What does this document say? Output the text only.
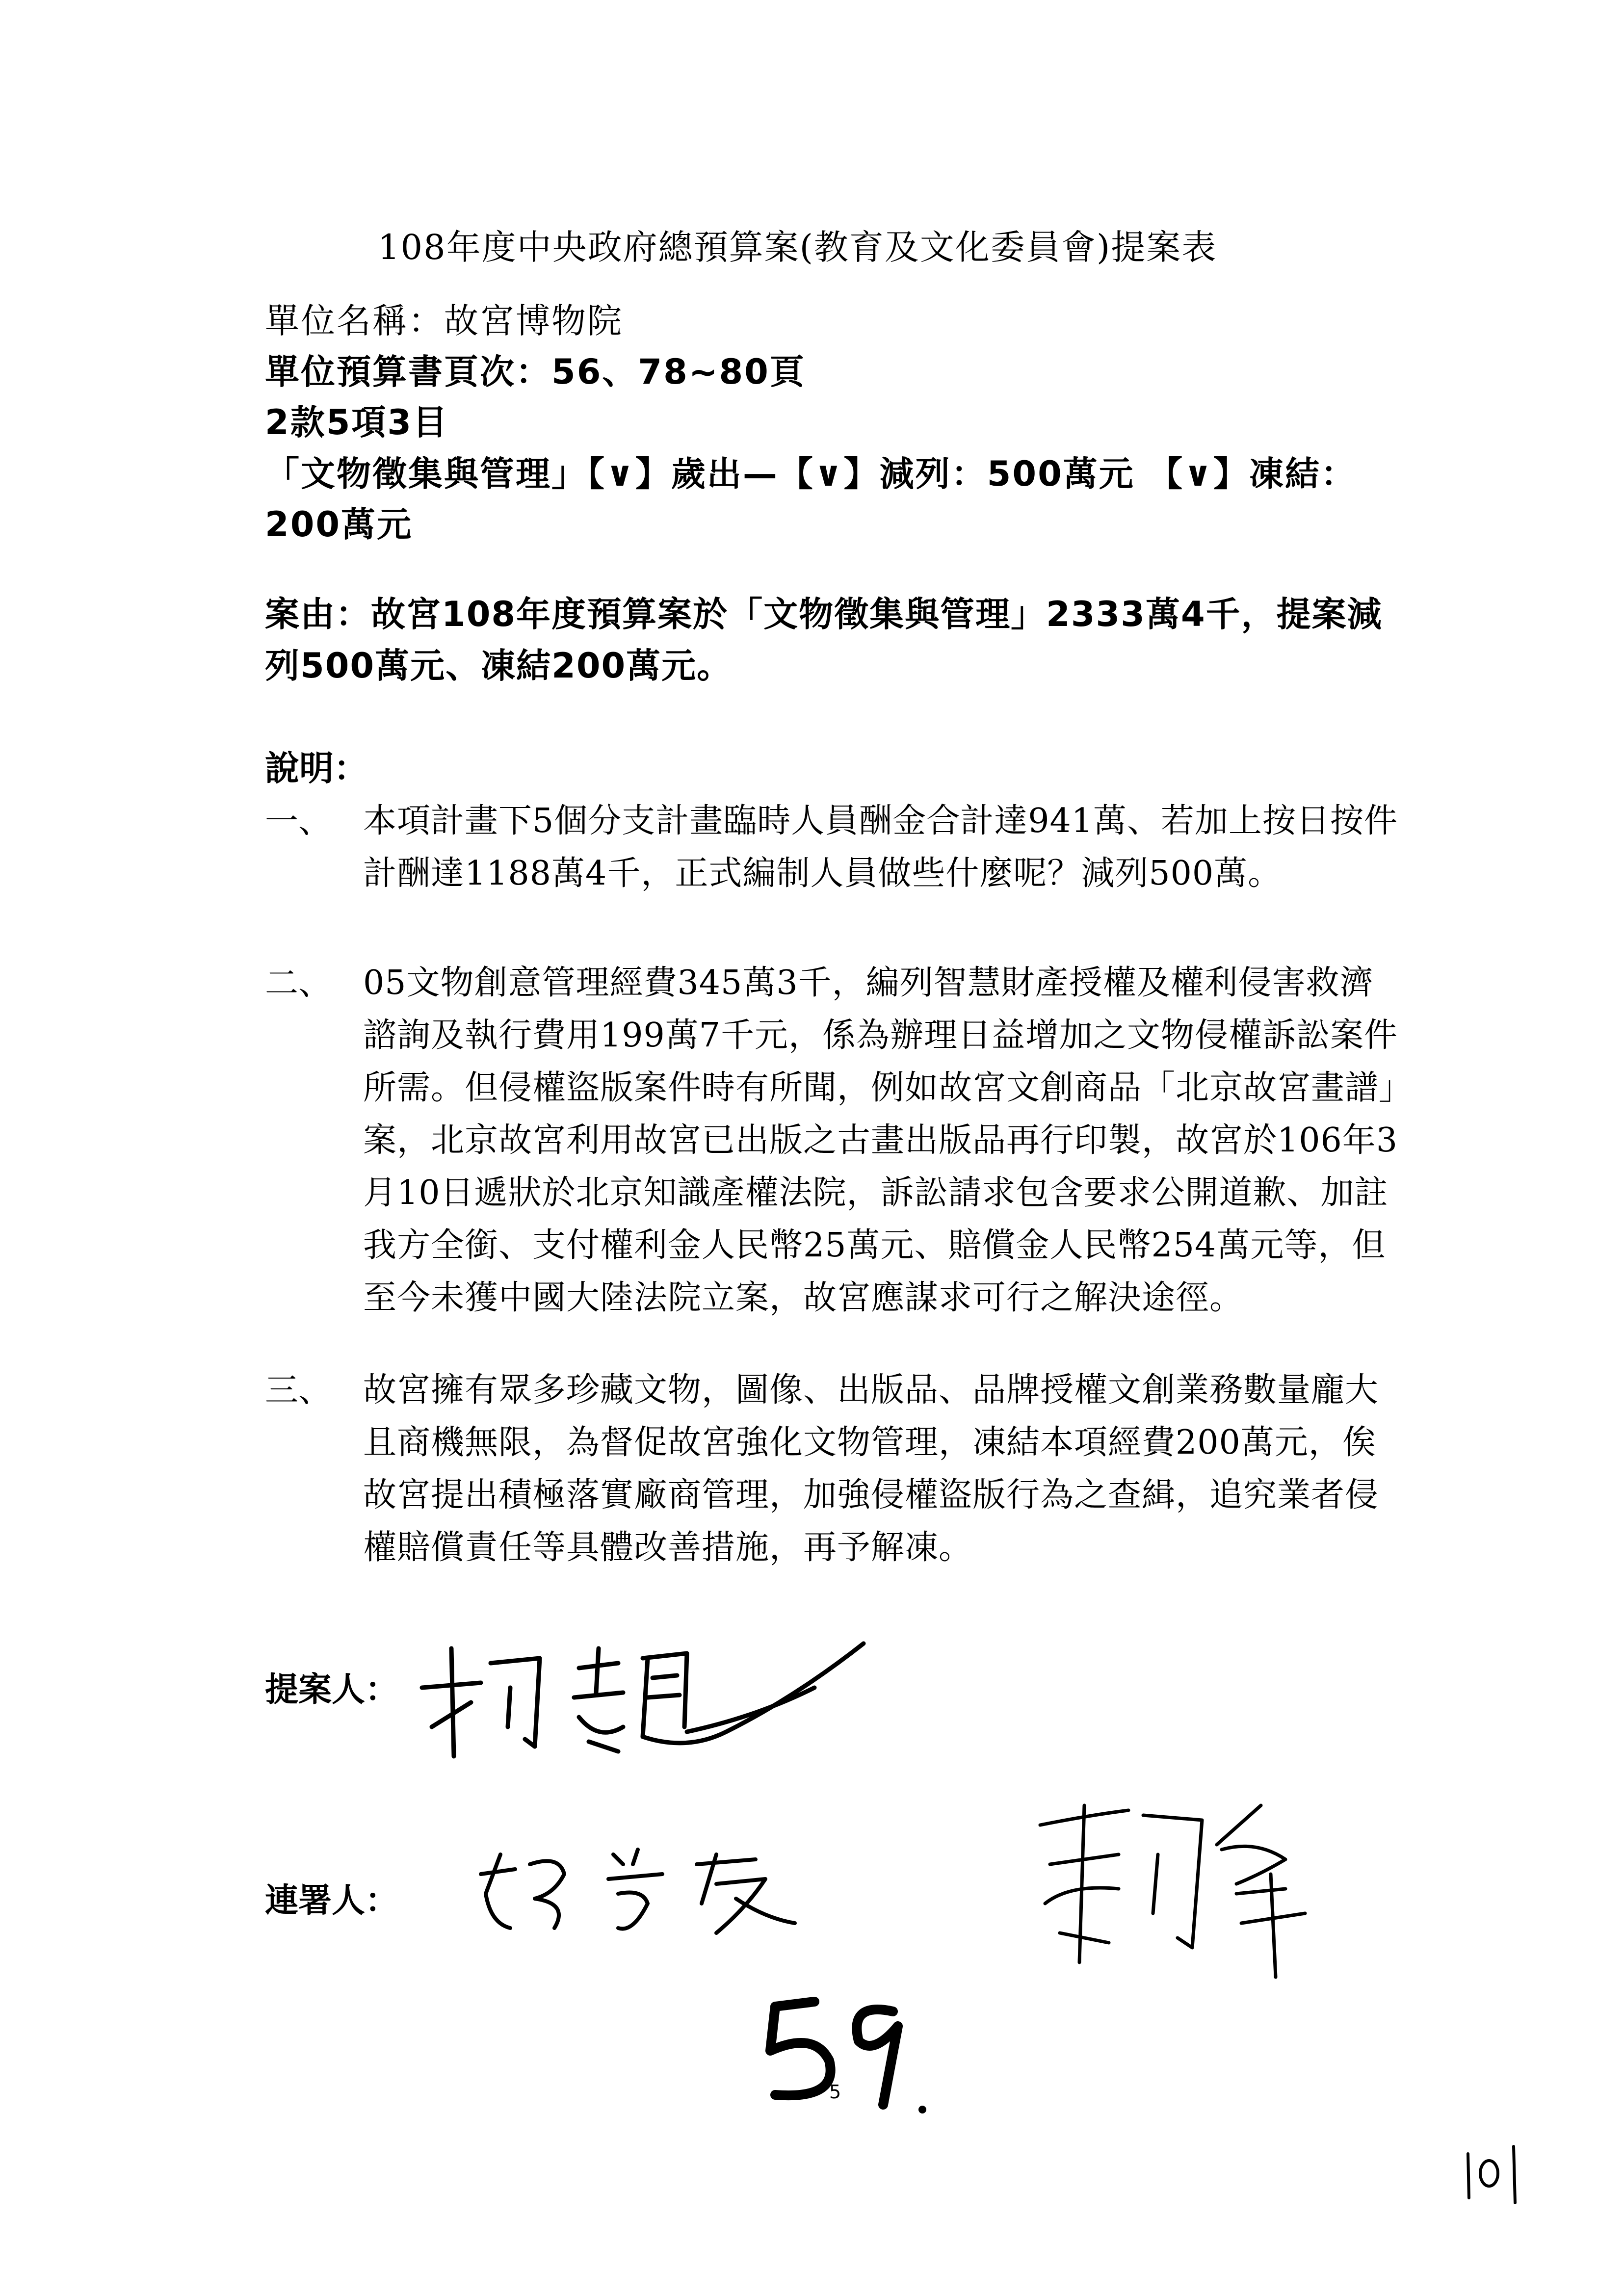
108年度中央政府總預算案(教育及文化委員會)提案表
單位名稱：故宮博物院
單位預算書頁次：56、78~80頁
2款5項3目
「文物徵集與管理」【∨】歲出—【∨】減列：500萬元 【∨】凍結：
200萬元
案由：故宮108年度預算案於「文物徵集與管理」2333萬4千，提案減列500萬元、凍結200萬元。
說明：
一、 本項計畫下5個分支計畫臨時人員酬金合計達941萬、若加上按日按件計酬達1188萬4千，正式編制人員做些什麼呢？減列500萬。
二、 05文物創意管理經費345萬3千，編列智慧財產授權及權利侵害救濟諮詢及執行費用199萬7千元，係為辦理日益增加之文物侵權訴訟案件所需。但侵權盜版案件時有所聞，例如故宮文創商品「北京故宮畫譜」案，北京故宮利用故宮已出版之古畫出版品再行印製，故宮於106年3月10日遞狀於北京知識產權法院，訴訟請求包含要求公開道歉、加註我方全銜、支付權利金人民幣25萬元、賠償金人民幣254萬元等，但至今未獲中國大陸法院立案，故宮應謀求可行之解決途徑。
三、 故宮擁有眾多珍藏文物，圖像、出版品、品牌授權文創業務數量龐大且商機無限，為督促故宮強化文物管理，凍結本項經費200萬元，俟故宮提出積極落實廠商管理，加強侵權盜版行為之查緝，追究業者侵權賠償責任等具體改善措施，再予解凍。
提案人：
連署人：
5
